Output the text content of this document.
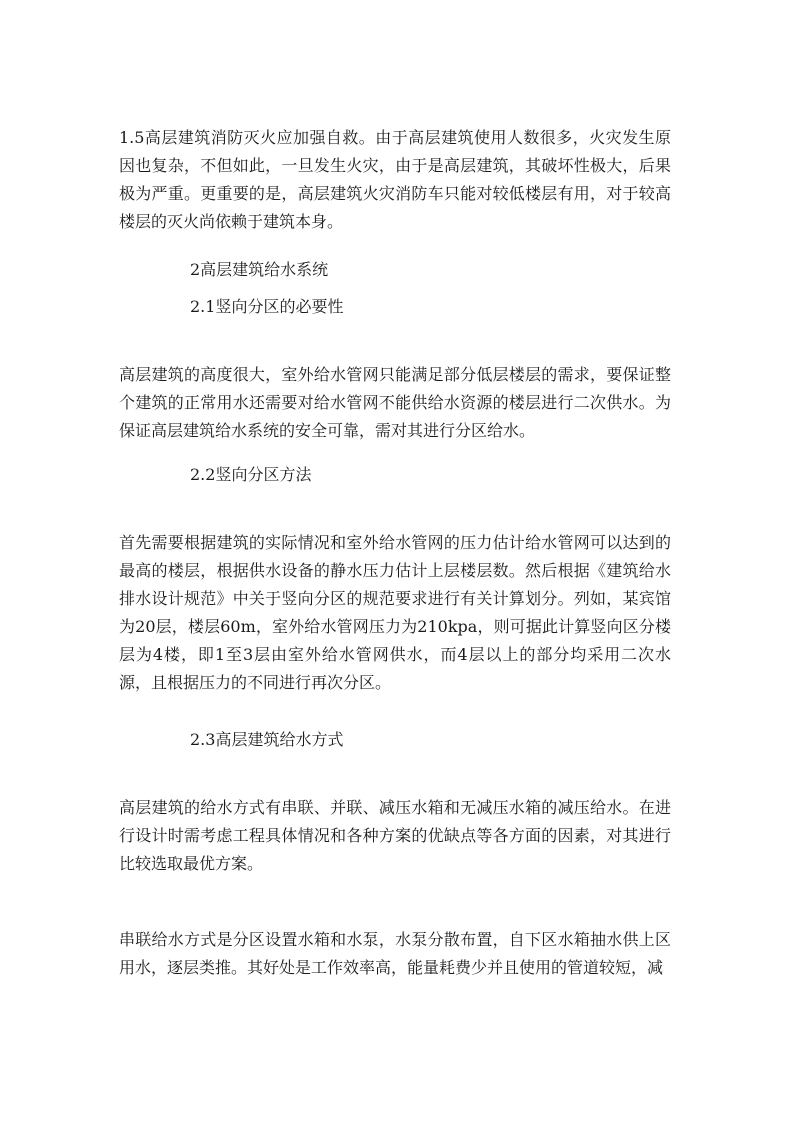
1.5高层建筑消防灭火应加强自救。由于高层建筑使用人数很多，火灾发生原因也复杂，不但如此，一旦发生火灾，由于是高层建筑，其破坏性极大，后果极为严重。更重要的是，高层建筑火灾消防车只能对较低楼层有用，对于较高楼层的灭火尚依赖于建筑本身。

2高层建筑给水系统

2.1竖向分区的必要性

高层建筑的高度很大，室外给水管网只能满足部分低层楼层的需求，要保证整个建筑的正常用水还需要对给水管网不能供给水资源的楼层进行二次供水。为保证高层建筑给水系统的安全可靠，需对其进行分区给水。

2.2竖向分区方法

首先需要根据建筑的实际情况和室外给水管网的压力估计给水管网可以达到的最高的楼层，根据供水设备的静水压力估计上层楼层数。然后根据《建筑给水排水设计规范》中关于竖向分区的规范要求进行有关计算划分。列如，某宾馆为20层，楼层60m，室外给水管网压力为210kpa，则可据此计算竖向区分楼层为4楼，即1至3层由室外给水管网供水，而4层以上的部分均采用二次水源，且根据压力的不同进行再次分区。

2.3高层建筑给水方式

高层建筑的给水方式有串联、并联、减压水箱和无减压水箱的减压给水。在进行设计时需考虑工程具体情况和各种方案的优缺点等各方面的因素，对其进行比较选取最优方案。

串联给水方式是分区设置水箱和水泵，水泵分散布置，自下区水箱抽水供上区用水，逐层类推。其好处是工作效率高，能量耗费少并且使用的管道较短，减
